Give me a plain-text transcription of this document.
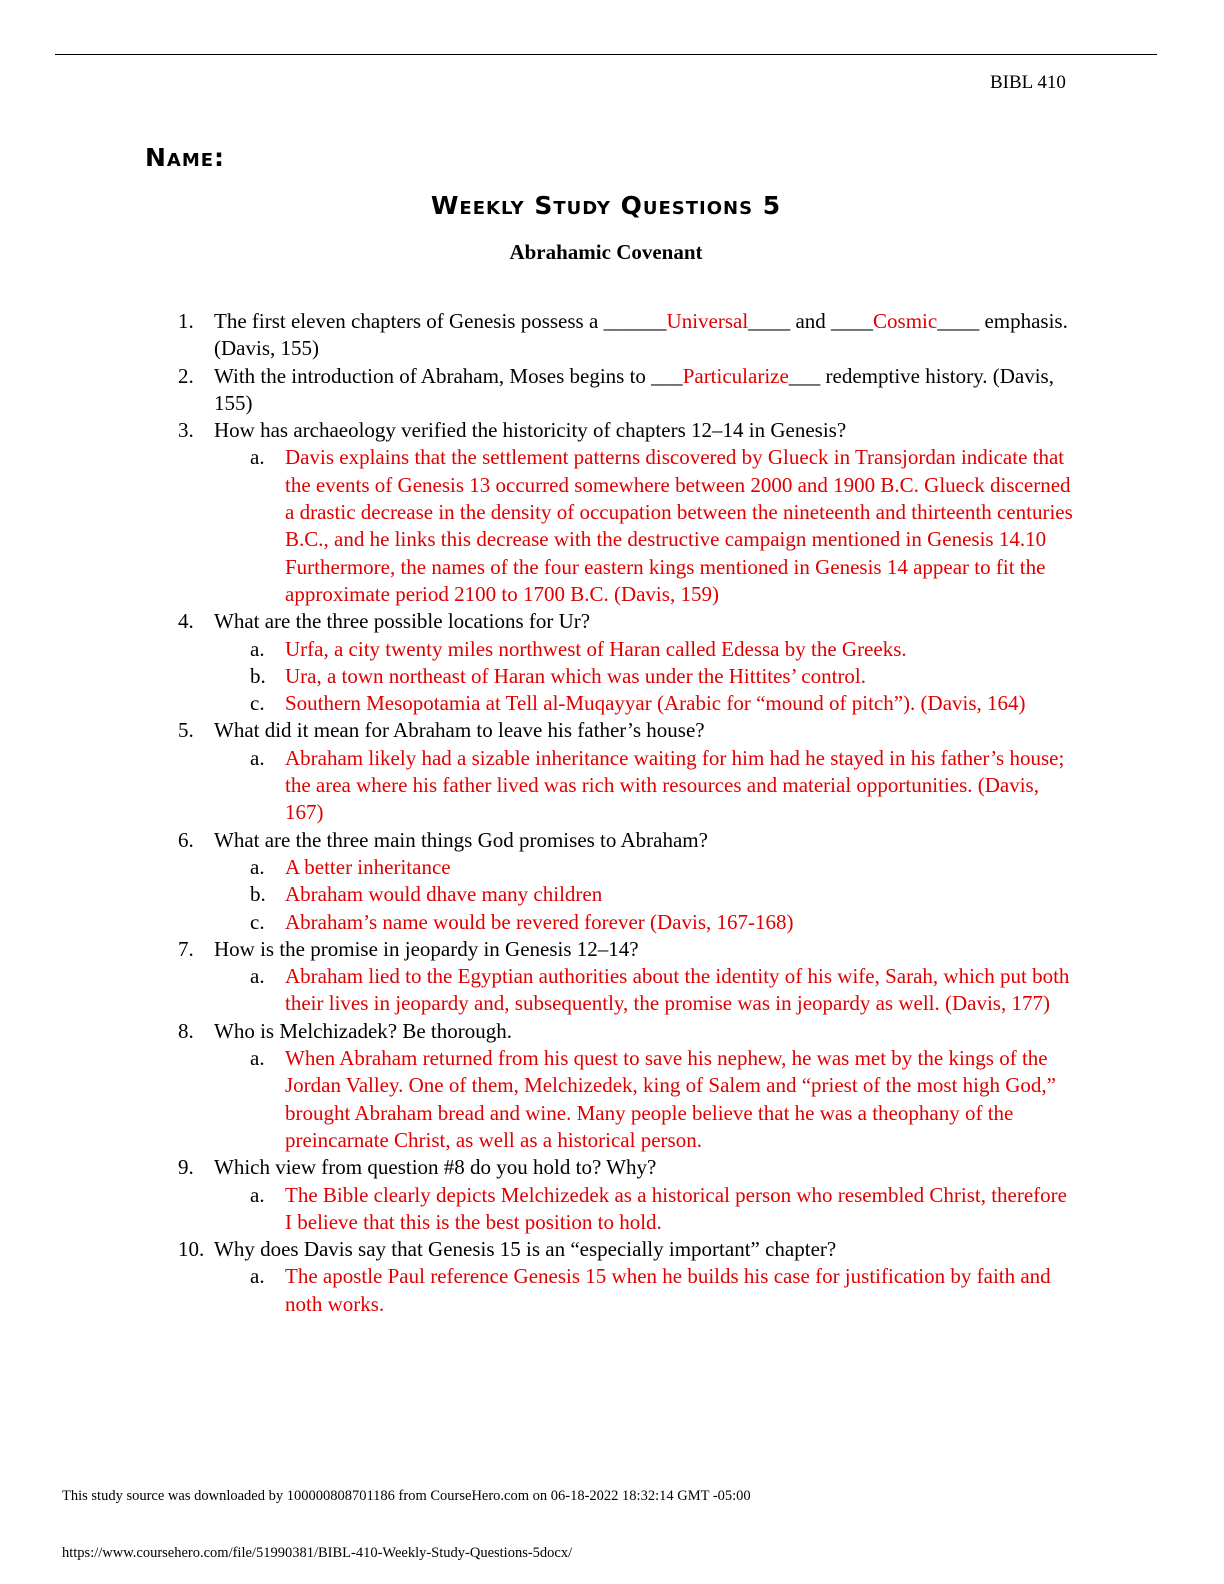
BIBL 410
Name:
Weekly Study Questions 5
Abrahamic Covenant
1. The first eleven chapters of Genesis possess a ______Universal____ and ____Cosmic____ emphasis. (Davis, 155)
2. With the introduction of Abraham, Moses begins to ___Particularize___ redemptive history. (Davis, 155)
3. How has archaeology verified the historicity of chapters 12–14 in Genesis?
a. Davis explains that the settlement patterns discovered by Glueck in Transjordan indicate that the events of Genesis 13 occurred somewhere between 2000 and 1900 B.C. Glueck discerned a drastic decrease in the density of occupation between the nineteenth and thirteenth centuries B.C., and he links this decrease with the destructive campaign mentioned in Genesis 14.10 Furthermore, the names of the four eastern kings mentioned in Genesis 14 appear to fit the approximate period 2100 to 1700 B.C. (Davis, 159)
4. What are the three possible locations for Ur?
a. Urfa, a city twenty miles northwest of Haran called Edessa by the Greeks.
b. Ura, a town northeast of Haran which was under the Hittites’ control.
c. Southern Mesopotamia at Tell al-Muqayyar (Arabic for “mound of pitch”). (Davis, 164)
5. What did it mean for Abraham to leave his father’s house?
a. Abraham likely had a sizable inheritance waiting for him had he stayed in his father’s house; the area where his father lived was rich with resources and material opportunities. (Davis, 167)
6. What are the three main things God promises to Abraham?
a. A better inheritance
b. Abraham would dhave many children
c. Abraham’s name would be revered forever (Davis, 167-168)
7. How is the promise in jeopardy in Genesis 12–14?
a. Abraham lied to the Egyptian authorities about the identity of his wife, Sarah, which put both their lives in jeopardy and, subsequently, the promise was in jeopardy as well. (Davis, 177)
8. Who is Melchizadek? Be thorough.
a. When Abraham returned from his quest to save his nephew, he was met by the kings of the Jordan Valley. One of them, Melchizedek, king of Salem and “priest of the most high God,” brought Abraham bread and wine. Many people believe that he was a theophany of the preincarnate Christ, as well as a historical person.
9. Which view from question #8 do you hold to? Why?
a. The Bible clearly depicts Melchizedek as a historical person who resembled Christ, therefore I believe that this is the best position to hold.
10. Why does Davis say that Genesis 15 is an “especially important” chapter?
a. The apostle Paul reference Genesis 15 when he builds his case for justification by faith and noth works.
This study source was downloaded by 100000808701186 from CourseHero.com on 06-18-2022 18:32:14 GMT -05:00
https://www.coursehero.com/file/51990381/BIBL-410-Weekly-Study-Questions-5docx/
